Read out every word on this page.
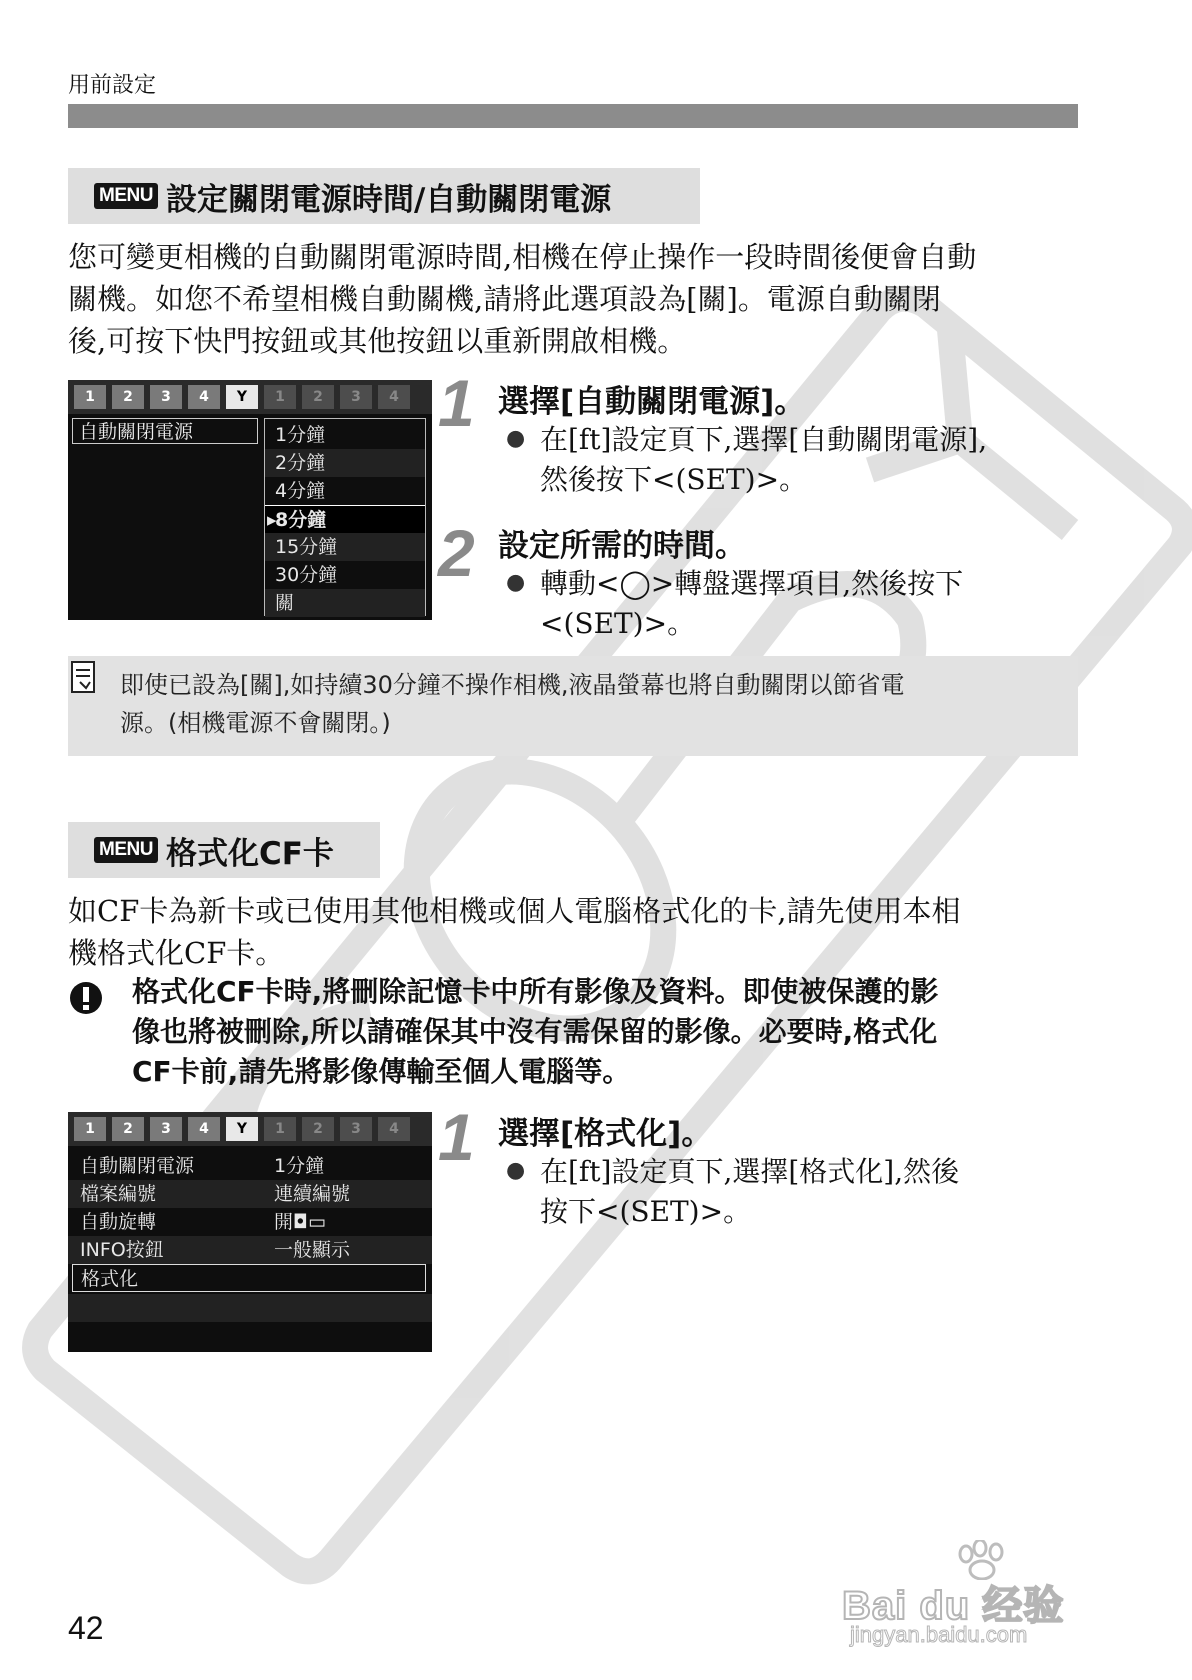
用前設定
MENU 設定關閉電源時間/自動關閉電源
您可變更相機的自動關閉電源時間,相機在停止操作一段時間後便會自動
關機。如您不希望相機自動關機,請將此選項設為[關]。電源自動關閉
後,可按下快門按鈕或其他按鈕以重新開啟相機。
1	2	3	4	Y	1	2	3	4
自動關閉電源	1分鐘
2分鐘
4分鐘
▸
8分鐘
15分鐘
30分鐘
關
1 選擇[自動關閉電源]。
● 在[ft]設定頁下,選擇[自動關閉電源],
然後按下<(SET)>。
2 設定所需的時間。
● 轉動<◯>轉盤選擇項目,然後按下
<(SET)>。
即使已設為[關],如持續30分鐘不操作相機,液晶螢幕也將自動關閉以節省電
源。(相機電源不會關閉。)
MENU 格式化CF卡
如CF卡為新卡或已使用其他相機或個人電腦格式化的卡,請先使用本相
機格式化CF卡。
格式化CF卡時,將刪除記憶卡中所有影像及資料。即使被保護的影
像也將被刪除,所以請確保其中沒有需保留的影像。必要時,格式化
CF卡前,請先將影像傳輸至個人電腦等。
1	2	3	4	Y	1	2	3	4
自動關閉電源	1分鐘
檔案編號	連續編號
自動旋轉	開◘▭
INFO按鈕	一般顯示
格式化
1 選擇[格式化]。
● 在[ft]設定頁下,選擇[格式化],然後
按下<(SET)>。
Bai du 经验
jingyan.baidu.com
42
